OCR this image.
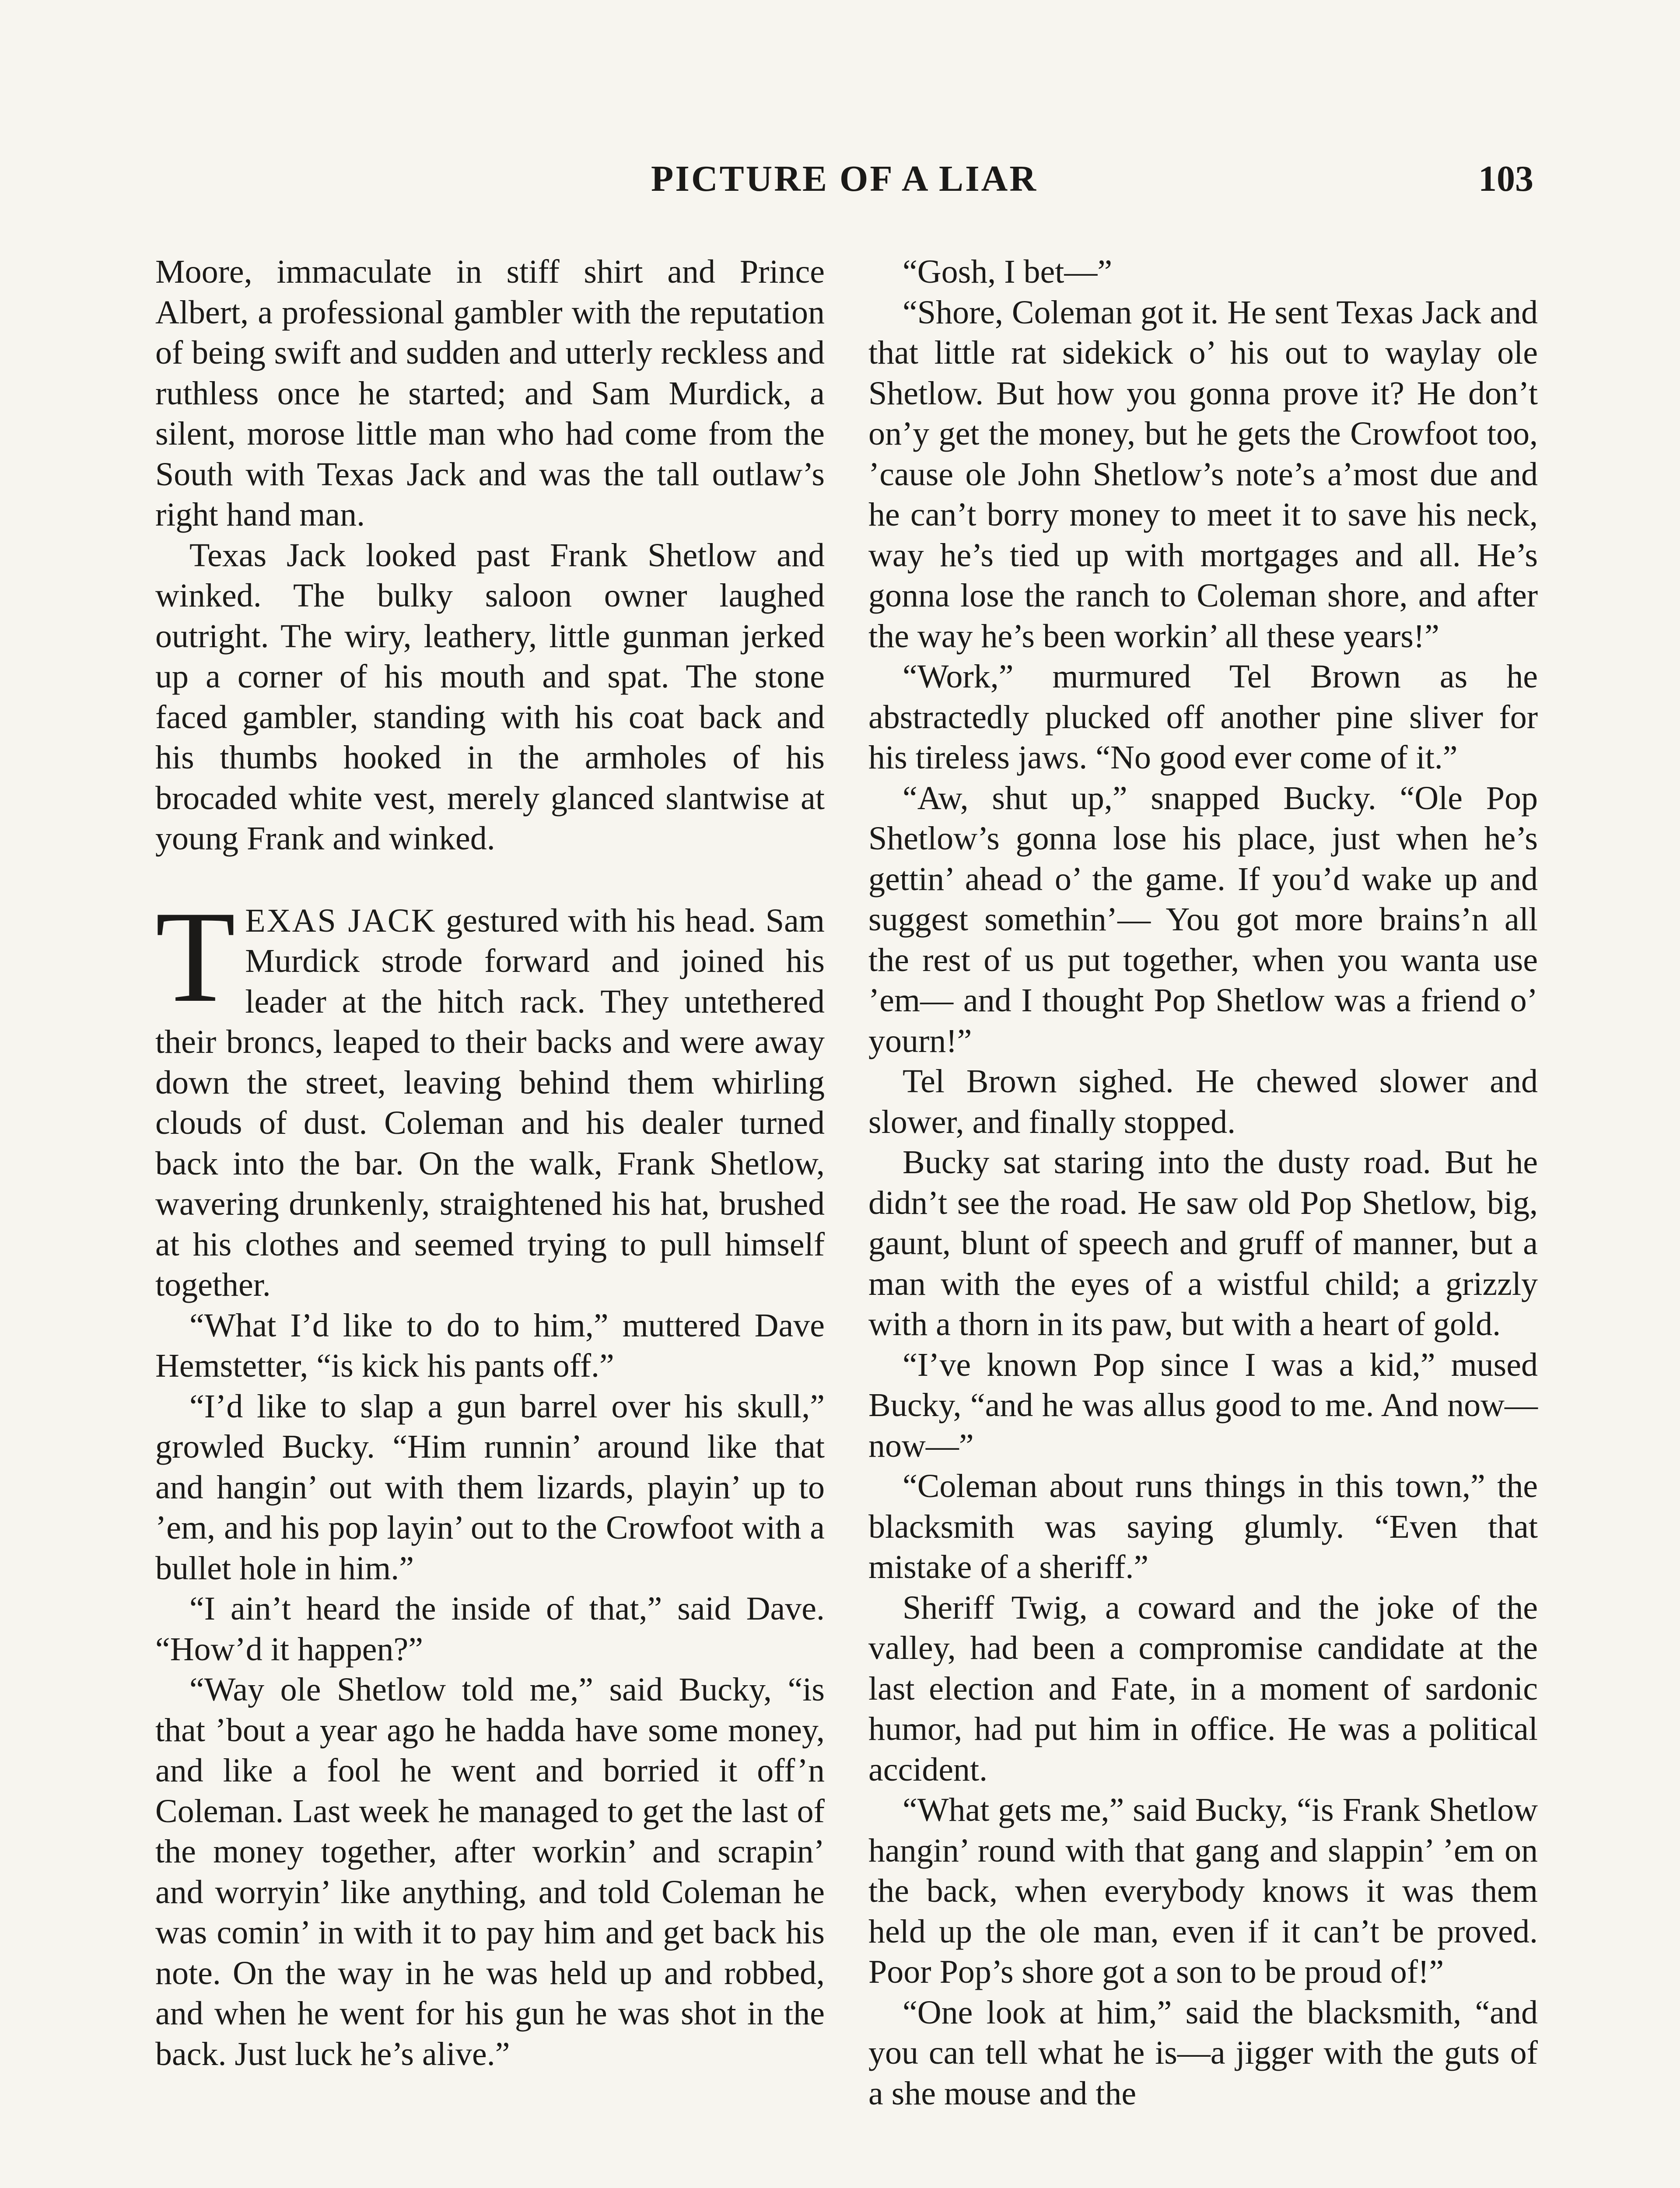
PICTURE OF A LIAR	103

Moore, immaculate in stiff shirt and Prince Albert, a professional gambler with the reputation of being swift and sudden and utterly reckless and ruthless once he started; and Sam Murdick, a silent, morose little man who had come from the South with Texas Jack and was the tall outlaw’s right hand man.

Texas Jack looked past Frank Shetlow and winked. The bulky saloon owner laughed outright. The wiry, leathery, little gunman jerked up a corner of his mouth and spat. The stone faced gambler, standing with his coat back and his thumbs hooked in the armholes of his brocaded white vest, merely glanced slantwise at young Frank and winked.

TEXAS JACK gestured with his head. Sam Murdick strode forward and joined his leader at the hitch rack. They untethered their broncs, leaped to their backs and were away down the street, leaving behind them whirling clouds of dust. Coleman and his dealer turned back into the bar. On the walk, Frank Shetlow, wavering drunkenly, straightened his hat, brushed at his clothes and seemed trying to pull himself together.

“What I’d like to do to him,” muttered Dave Hemstetter, “is kick his pants off.”

“I’d like to slap a gun barrel over his skull,” growled Bucky. “Him runnin’ around like that and hangin’ out with them lizards, playin’ up to ’em, and his pop layin’ out to the Crowfoot with a bullet hole in him.”

“I ain’t heard the inside of that,” said Dave. “How’d it happen?”

“Way ole Shetlow told me,” said Bucky, “is that ’bout a year ago he hadda have some money, and like a fool he went and borried it off’n Coleman. Last week he managed to get the last of the money together, after workin’ and scrapin’ and worryin’ like anything, and told Coleman he was comin’ in with it to pay him and get back his note. On the way in he was held up and robbed, and when he went for his gun he was shot in the back. Just luck he’s alive.”

“Gosh, I bet—”

“Shore, Coleman got it. He sent Texas Jack and that little rat sidekick o’ his out to waylay ole Shetlow. But how you gonna prove it? He don’t on’y get the money, but he gets the Crowfoot too, ’cause ole John Shetlow’s note’s a’most due and he can’t borry money to meet it to save his neck, way he’s tied up with mortgages and all. He’s gonna lose the ranch to Coleman shore, and after the way he’s been workin’ all these years!”

“Work,” murmured Tel Brown as he abstractedly plucked off another pine sliver for his tireless jaws. “No good ever come of it.”

“Aw, shut up,” snapped Bucky. “Ole Pop Shetlow’s gonna lose his place, just when he’s gettin’ ahead o’ the game. If you’d wake up and suggest somethin’— You got more brains’n all the rest of us put together, when you wanta use ’em— and I thought Pop Shetlow was a friend o’ yourn!”

Tel Brown sighed. He chewed slower and slower, and finally stopped.

Bucky sat staring into the dusty road. But he didn’t see the road. He saw old Pop Shetlow, big, gaunt, blunt of speech and gruff of manner, but a man with the eyes of a wistful child; a grizzly with a thorn in its paw, but with a heart of gold.

“I’ve known Pop since I was a kid,” mused Bucky, “and he was allus good to me. And now—now—”

“Coleman about runs things in this town,” the blacksmith was saying glumly. “Even that mistake of a sheriff.”

Sheriff Twig, a coward and the joke of the valley, had been a compromise candidate at the last election and Fate, in a moment of sardonic humor, had put him in office. He was a political accident.

“What gets me,” said Bucky, “is Frank Shetlow hangin’ round with that gang and slappin’ ’em on the back, when everybody knows it was them held up the ole man, even if it can’t be proved. Poor Pop’s shore got a son to be proud of!”

“One look at him,” said the blacksmith, “and you can tell what he is—a jigger with the guts of a she mouse and the
